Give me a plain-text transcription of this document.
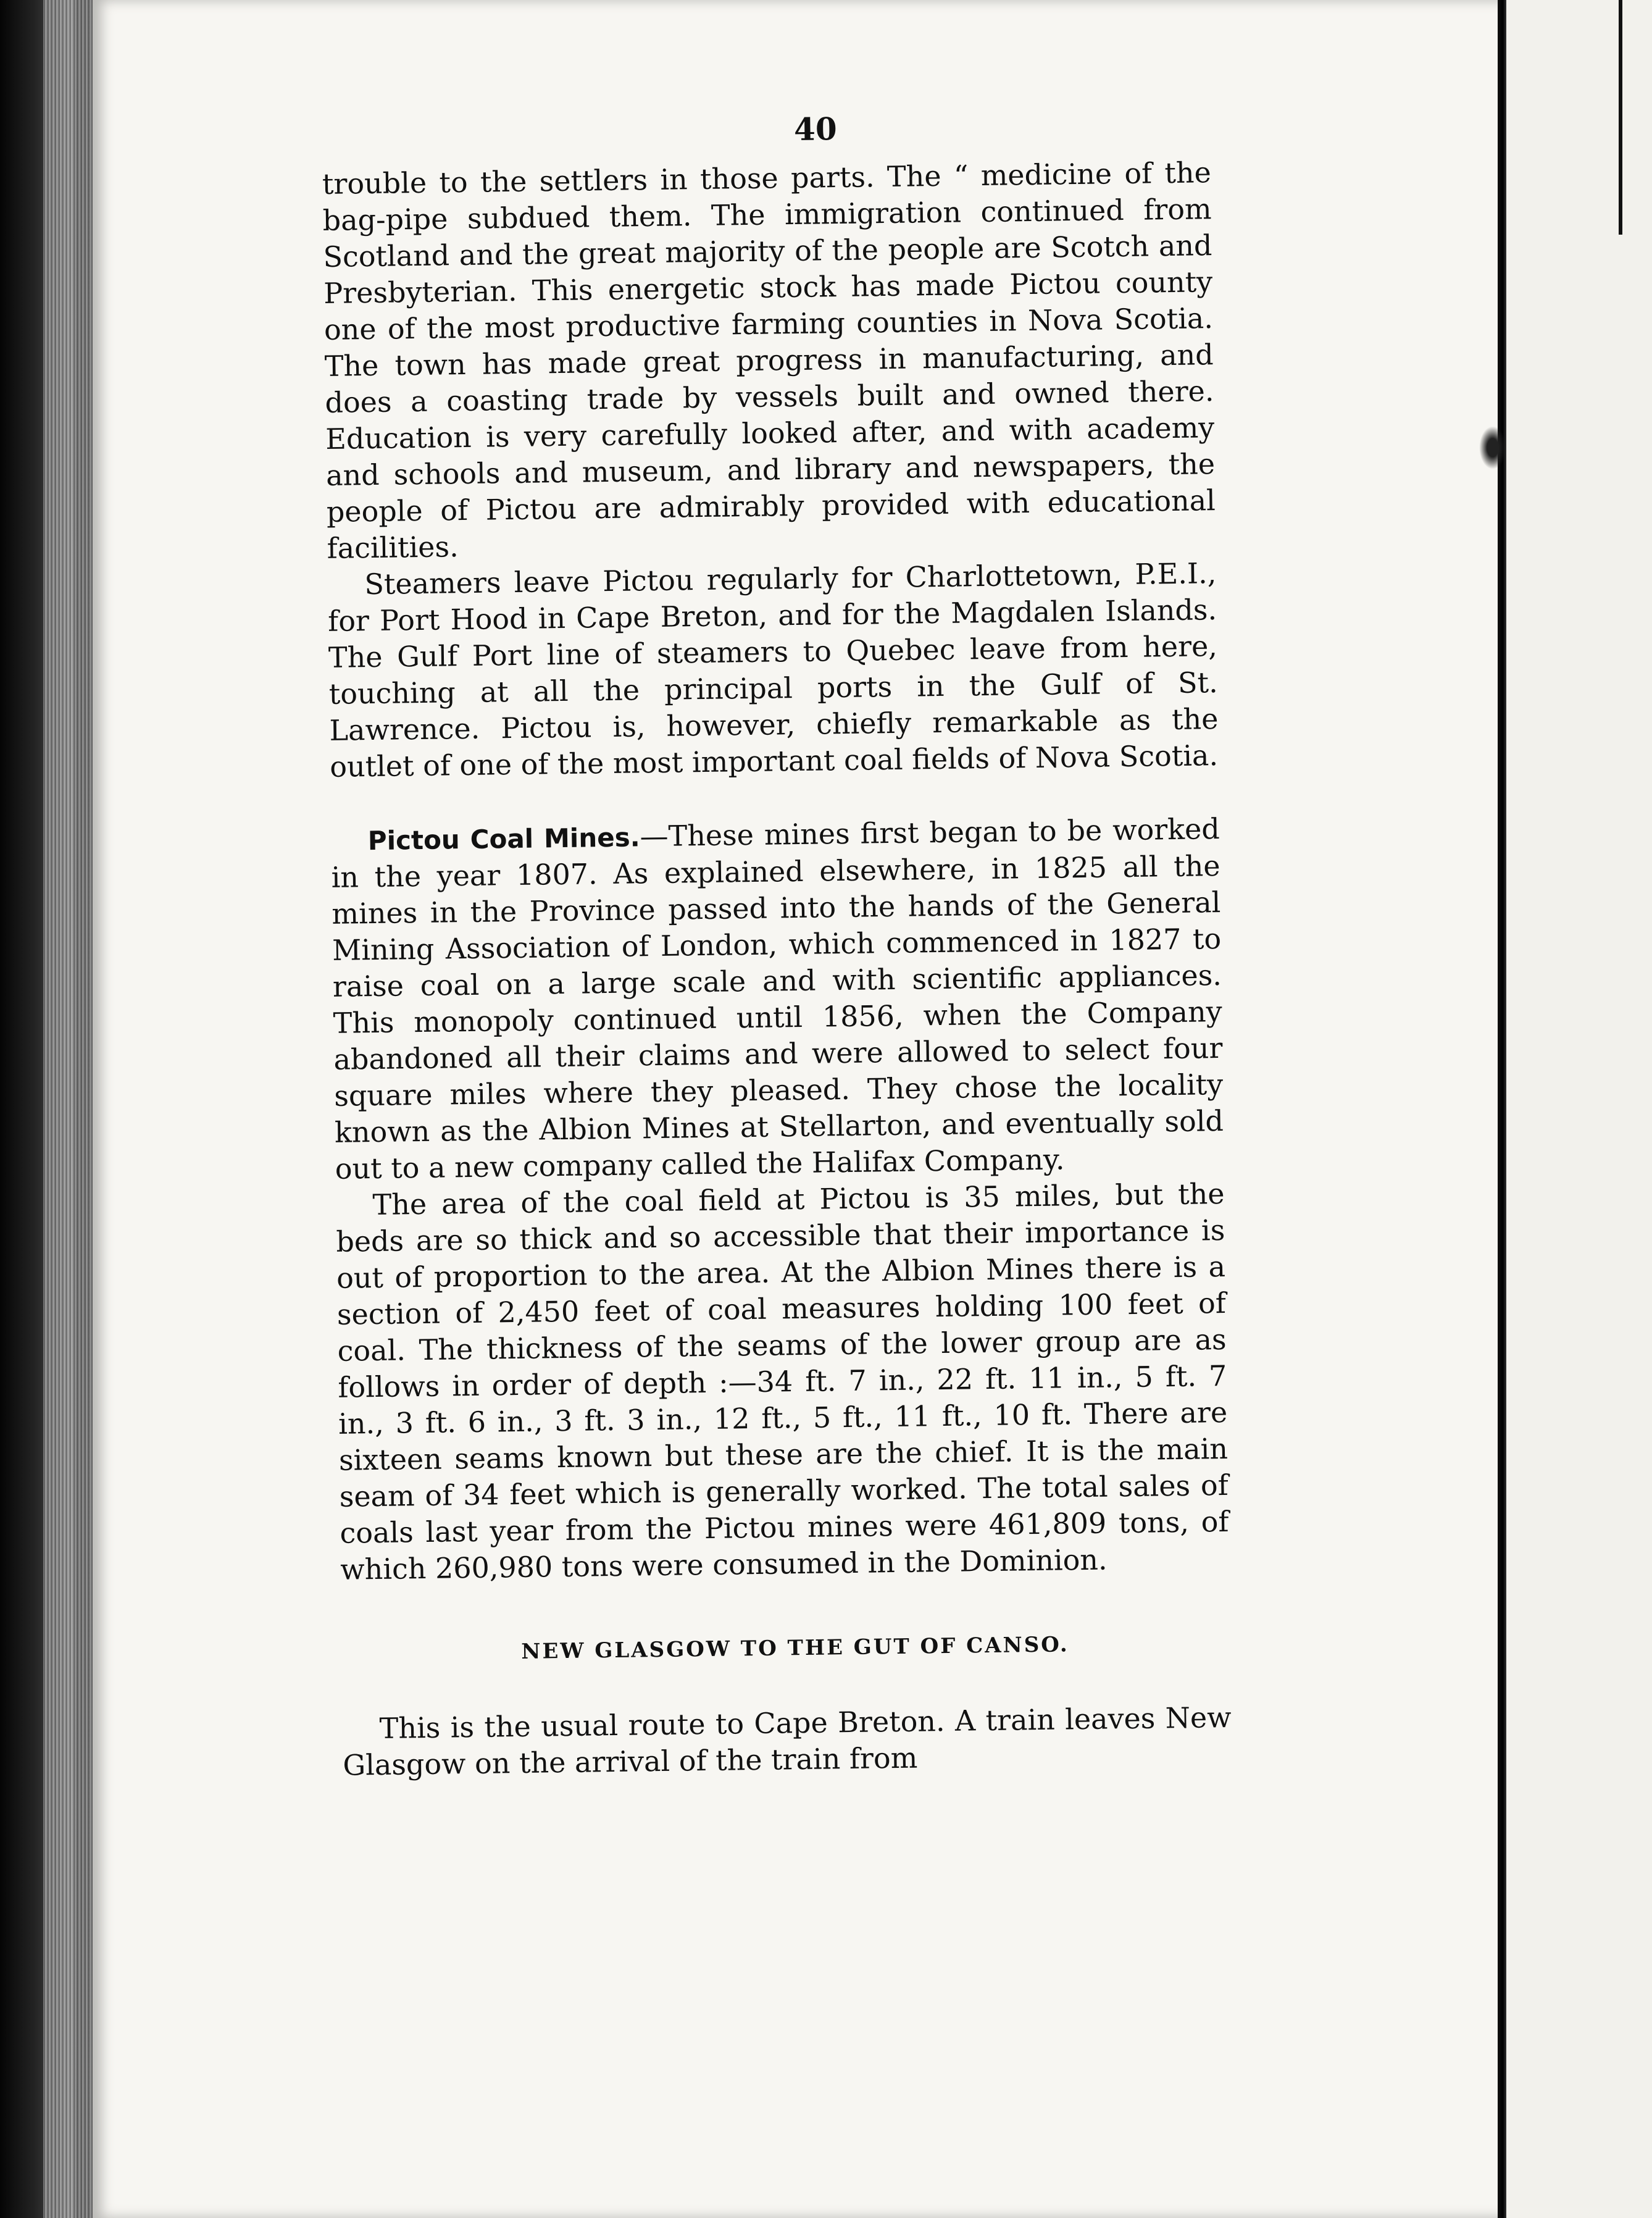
40

trouble to the settlers in those parts. The “ medicine of the bag-pipe subdued them. The immigration continued from Scotland and the great majority of the people are Scotch and Presbyterian. This energetic stock has made Pictou county one of the most productive farming counties in Nova Scotia. The town has made great progress in manufacturing, and does a coasting trade by vessels built and owned there. Education is very carefully looked after, and with academy and schools and museum, and library and newspapers, the people of Pictou are admirably provided with educational facilities.

Steamers leave Pictou regularly for Charlottetown, P.E.I., for Port Hood in Cape Breton, and for the Magdalen Islands. The Gulf Port line of steamers to Quebec leave from here, touching at all the principal ports in the Gulf of St. Lawrence. Pictou is, however, chiefly remarkable as the outlet of one of the most important coal fields of Nova Scotia.

Pictou Coal Mines.—These mines first began to be worked in the year 1807. As explained elsewhere, in 1825 all the mines in the Province passed into the hands of the General Mining Association of London, which commenced in 1827 to raise coal on a large scale and with scientific appliances. This monopoly continued until 1856, when the Company abandoned all their claims and were allowed to select four square miles where they pleased. They chose the locality known as the Albion Mines at Stellarton, and eventually sold out to a new company called the Halifax Company.

The area of the coal field at Pictou is 35 miles, but the beds are so thick and so accessible that their importance is out of proportion to the area. At the Albion Mines there is a section of 2,450 feet of coal measures holding 100 feet of coal. The thickness of the seams of the lower group are as follows in order of depth :—34 ft. 7 in., 22 ft. 11 in., 5 ft. 7 in., 3 ft. 6 in., 3 ft. 3 in., 12 ft., 5 ft., 11 ft., 10 ft. There are sixteen seams known but these are the chief. It is the main seam of 34 feet which is generally worked. The total sales of coals last year from the Pictou mines were 461,809 tons, of which 260,980 tons were consumed in the Dominion.

NEW GLASGOW TO THE GUT OF CANSO.

This is the usual route to Cape Breton. A train leaves New Glasgow on the arrival of the train from
